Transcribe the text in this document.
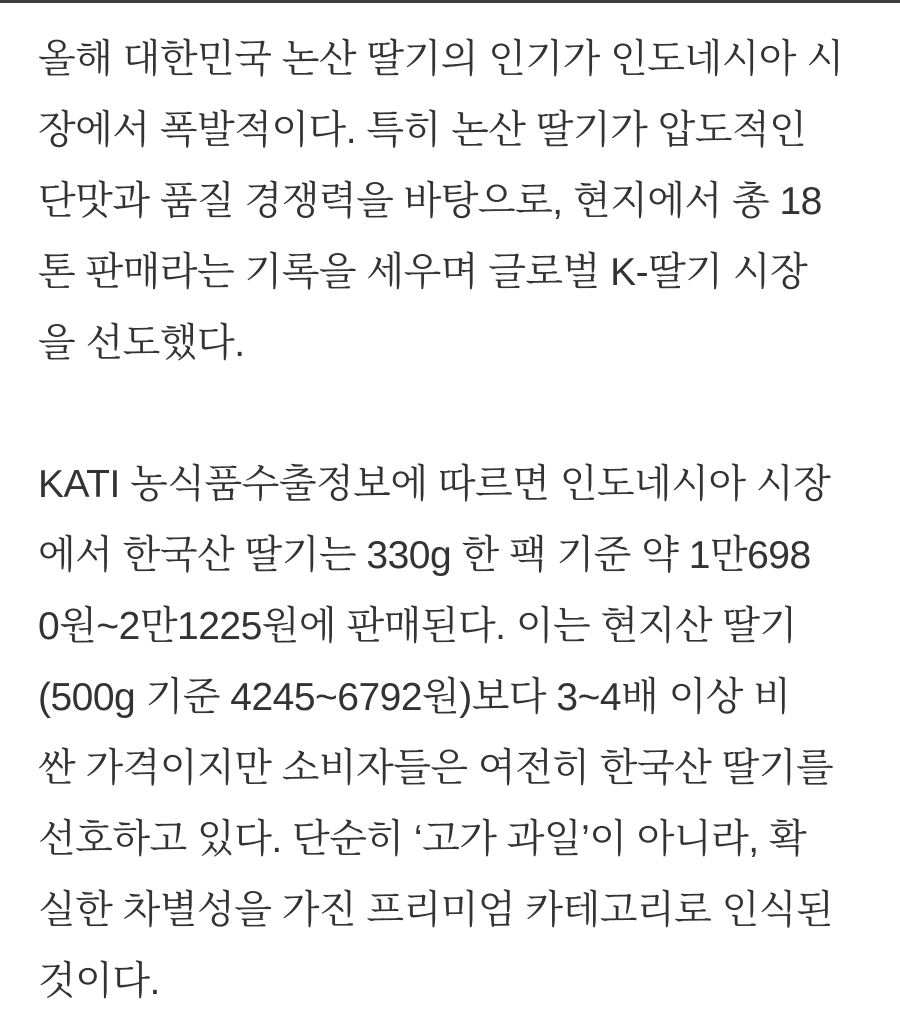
올해 대한민국 논산 딸기의 인기가 인도네시아 시
장에서 폭발적이다. 특히 논산 딸기가 압도적인
단맛과 품질 경쟁력을 바탕으로, 현지에서 총 18
톤 판매라는 기록을 세우며 글로벌 K-딸기 시장
을 선도했다.
KATI 농식품수출정보에 따르면 인도네시아 시장
에서 한국산 딸기는 330g 한 팩 기준 약 1만698
0원~2만1225원에 판매된다. 이는 현지산 딸기
(500g 기준 4245~6792원)보다 3~4배 이상 비
싼 가격이지만 소비자들은 여전히 한국산 딸기를
선호하고 있다. 단순히 ‘고가 과일’이 아니라, 확
실한 차별성을 가진 프리미엄 카테고리로 인식된
것이다.
